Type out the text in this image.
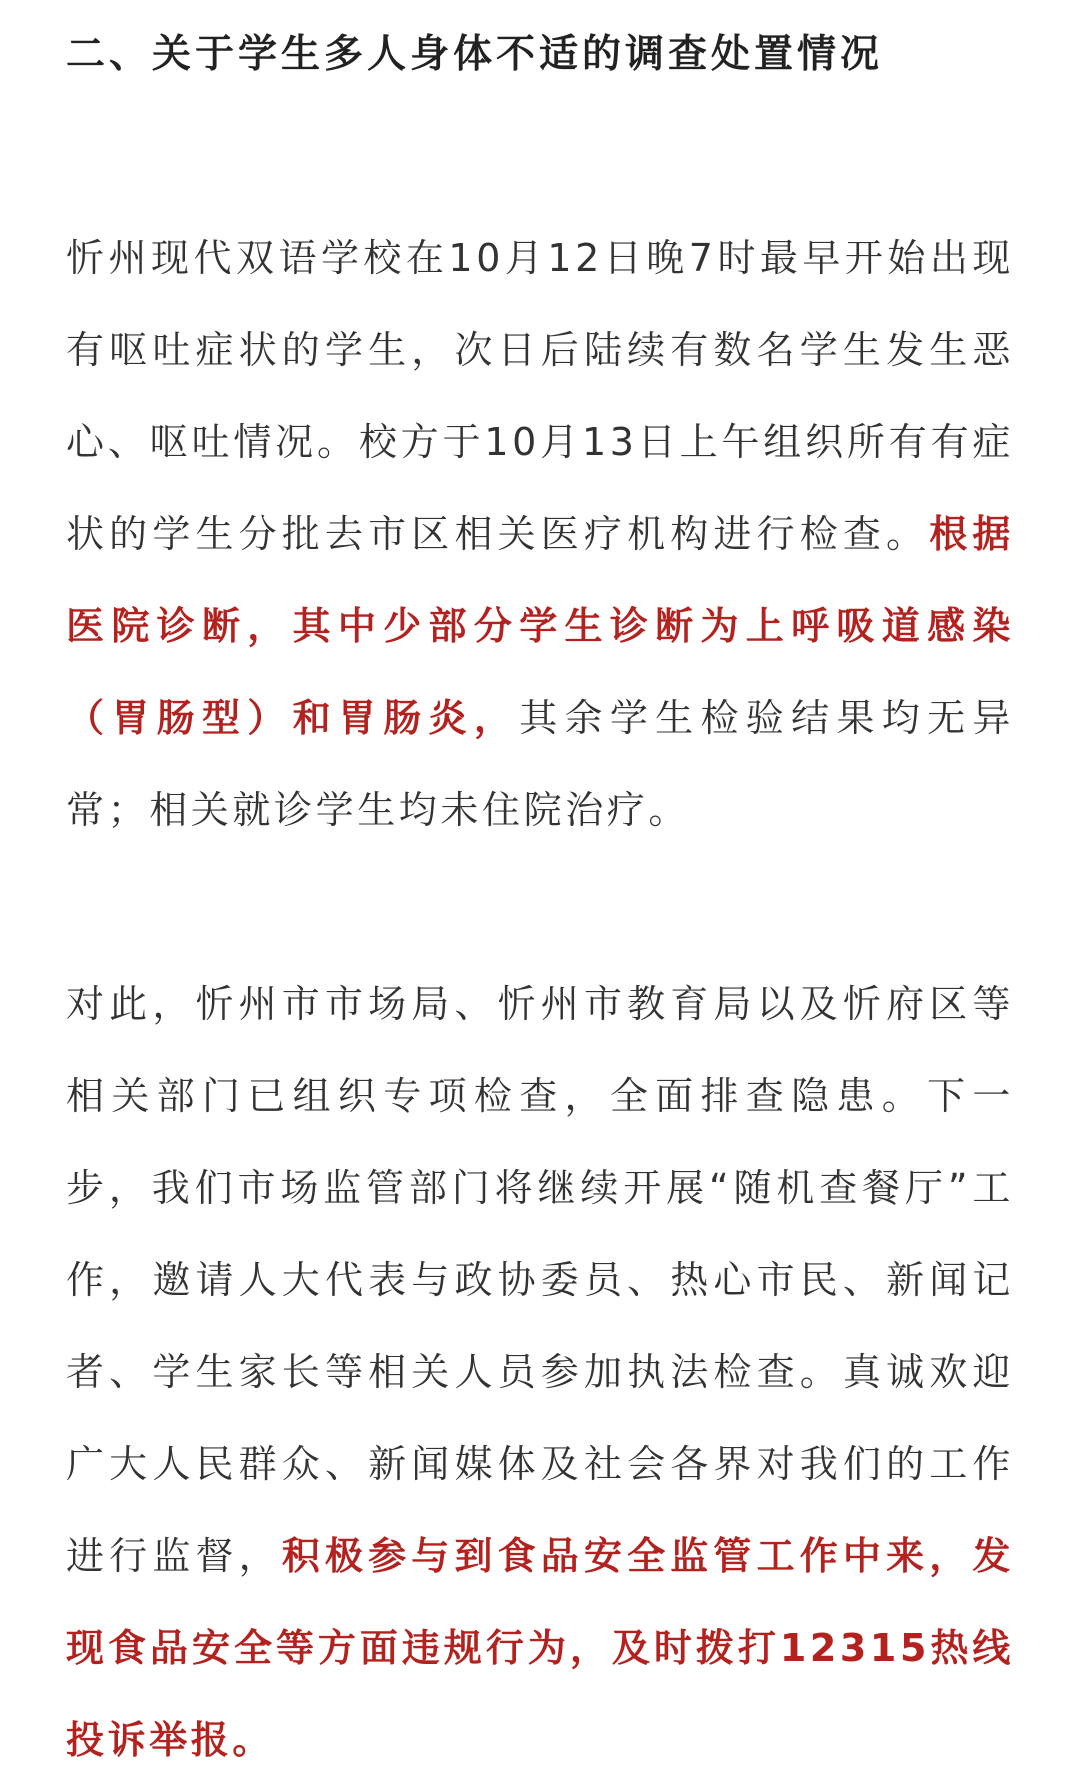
二、关于学生多人身体不适的调查处置情况

忻州现代双语学校在10月12日晚7时最早开始出现有呕吐症状的学生，次日后陆续有数名学生发生恶心、呕吐情况。校方于10月13日上午组织所有有症状的学生分批去市区相关医疗机构进行检查。根据医院诊断，其中少部分学生诊断为上呼吸道感染（胃肠型）和胃肠炎，其余学生检验结果均无异常；相关就诊学生均未住院治疗。

对此，忻州市市场局、忻州市教育局以及忻府区等相关部门已组织专项检查，全面排查隐患。下一步，我们市场监管部门将继续开展“随机查餐厅”工作，邀请人大代表与政协委员、热心市民、新闻记者、学生家长等相关人员参加执法检查。真诚欢迎广大人民群众、新闻媒体及社会各界对我们的工作进行监督，积极参与到食品安全监管工作中来，发现食品安全等方面违规行为，及时拨打12315热线投诉举报。
